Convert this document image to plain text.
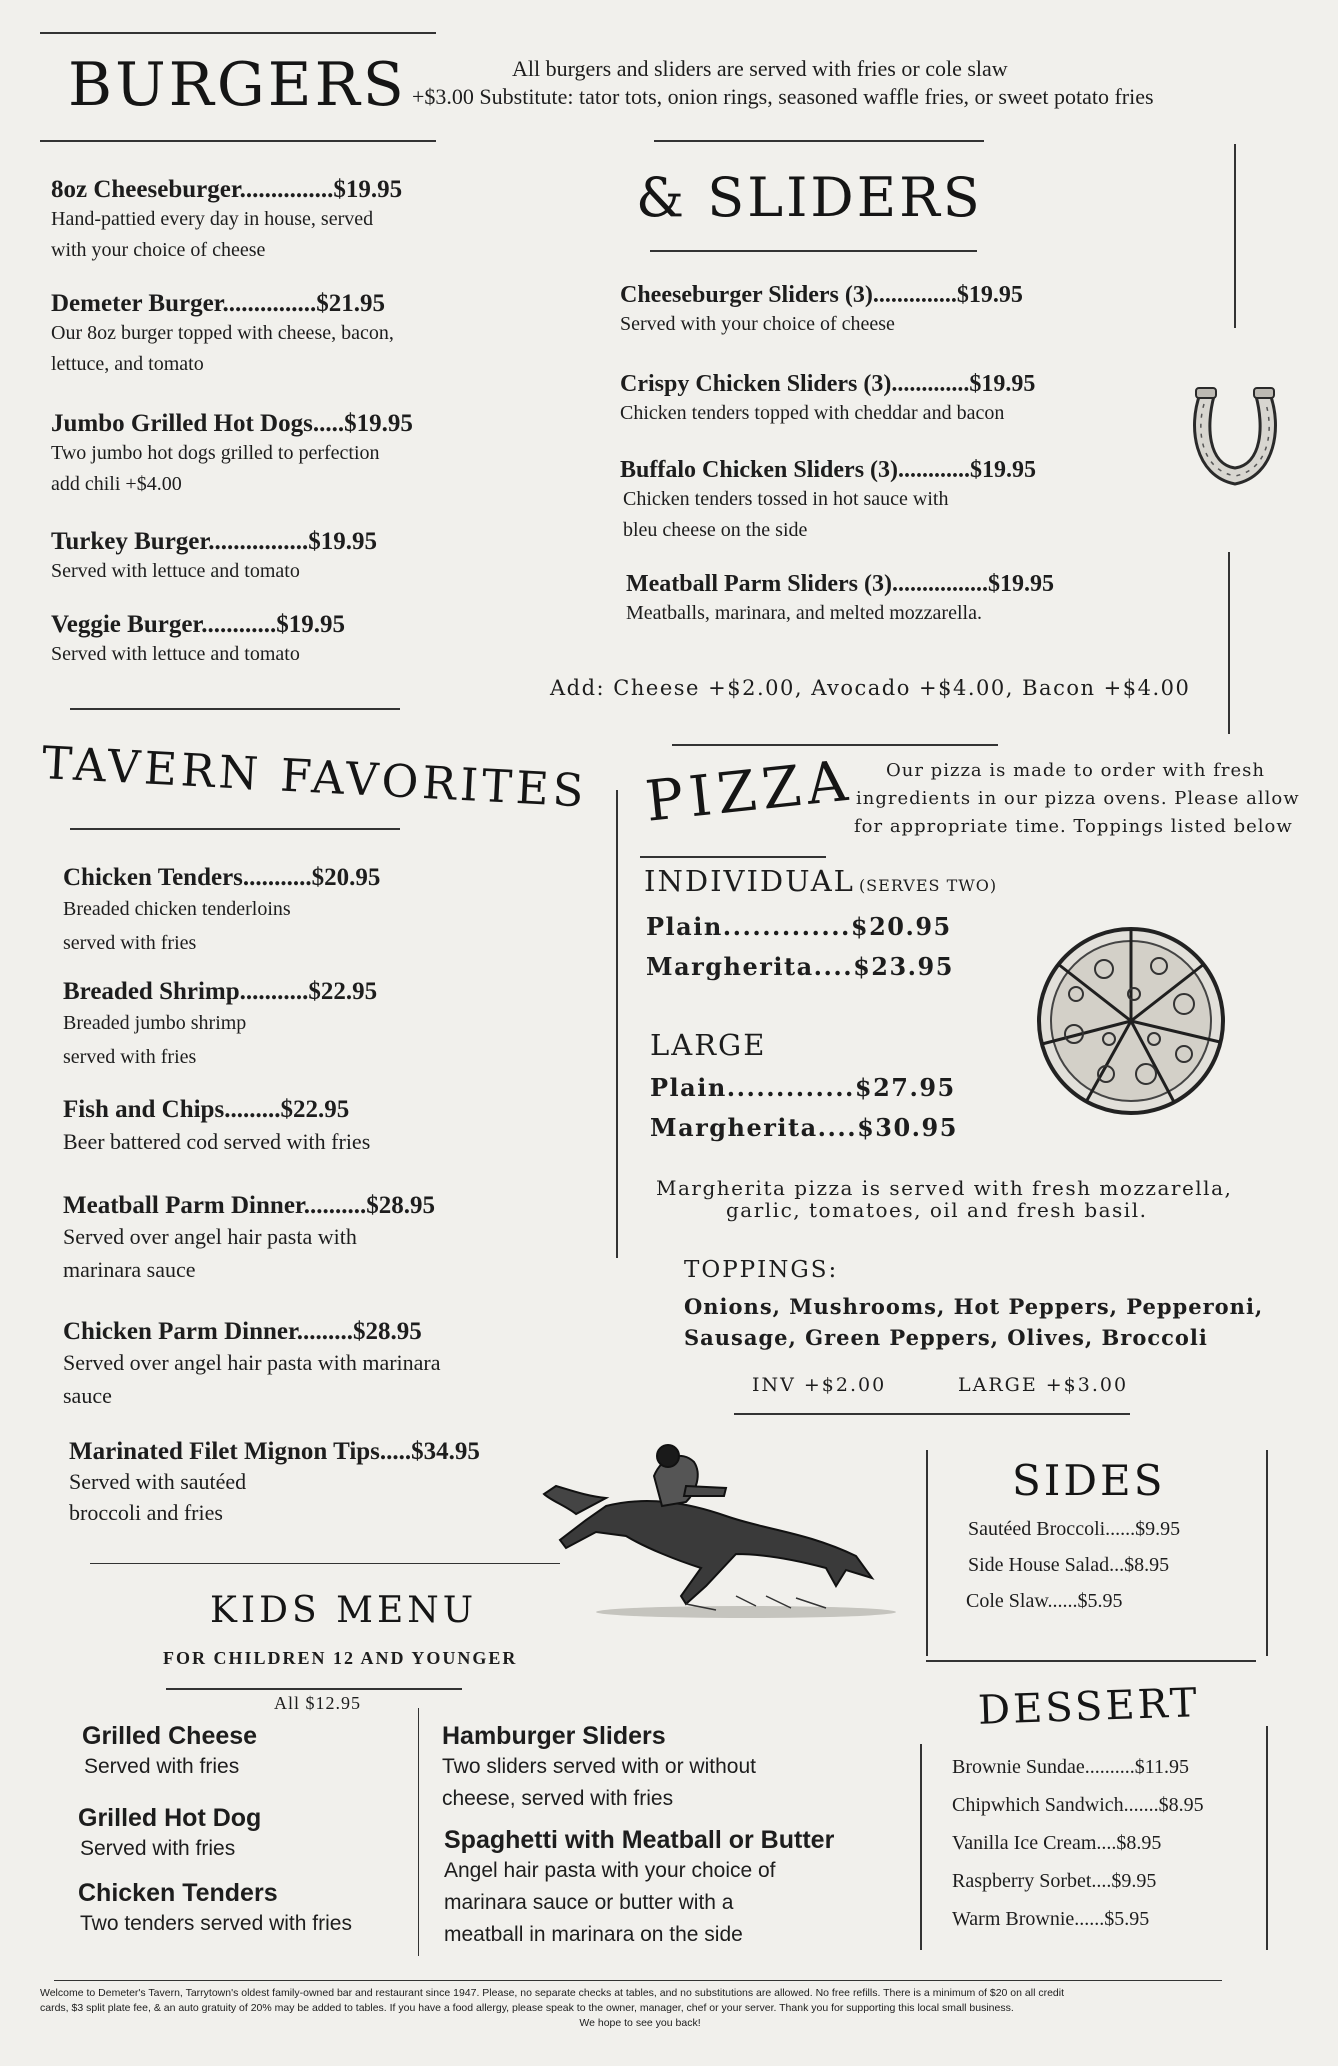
BURGERS	All burgers and sliders are served with fries or cole slaw
+$3.00 Substitute: tator tots, onion rings, seasoned waffle fries, or sweet potato fries
8oz Cheeseburger...............$19.95
Hand-pattied every day in house, served
with your choice of cheese
Demeter Burger...............$21.95
Our 8oz burger topped with cheese, bacon,
lettuce, and tomato
Jumbo Grilled Hot Dogs.....$19.95
Two jumbo hot dogs grilled to perfection
add chili +$4.00
Turkey Burger................$19.95
Served with lettuce and tomato
Veggie Burger............$19.95
Served with lettuce and tomato
& SLIDERS
Cheeseburger Sliders (3)..............$19.95
Served with your choice of cheese
Crispy Chicken Sliders (3).............$19.95
Chicken tenders topped with cheddar and bacon
Buffalo Chicken Sliders (3)............$19.95
Chicken tenders tossed in hot sauce with
bleu cheese on the side
Meatball Parm Sliders (3)................$19.95
Meatballs, marinara, and melted mozzarella.
Add: Cheese +$2.00, Avocado +$4.00, Bacon +$4.00
TAVERN FAVORITES
Chicken Tenders...........$20.95
Breaded chicken tenderloins
served with fries
Breaded Shrimp...........$22.95
Breaded jumbo shrimp
served with fries
Fish and Chips.........$22.95
Beer battered cod served with fries
Meatball Parm Dinner..........$28.95
Served over angel hair pasta with
marinara sauce
Chicken Parm Dinner.........$28.95
Served over angel hair pasta with marinara
sauce
Marinated Filet Mignon Tips.....$34.95
Served with sautéed
broccoli and fries
PIZZA Our pizza is made to order with fresh
ingredients in our pizza ovens. Please allow
for appropriate time. Toppings listed below
INDIVIDUAL (SERVES TWO)
Plain.............$20.95
Margherita....$23.95
LARGE
Plain.............$27.95
Margherita....$30.95
Margherita pizza is served with fresh mozzarella,
garlic, tomatoes, oil and fresh basil.
TOPPINGS:
Onions, Mushrooms, Hot Peppers, Pepperoni,
Sausage, Green Peppers, Olives, Broccoli
INV +$2.00	LARGE +$3.00
SIDES
Sautéed Broccoli......$9.95
Side House Salad...$8.95
Cole Slaw......$5.95
DESSERT
Brownie Sundae..........$11.95
Chipwhich Sandwich.......$8.95
Vanilla Ice Cream....$8.95
Raspberry Sorbet....$9.95
Warm Brownie......$5.95
KIDS MENU
FOR CHILDREN 12 AND YOUNGER
All $12.95
Grilled Cheese
Served with fries
Grilled Hot Dog
Served with fries
Chicken Tenders
Two tenders served with fries
Hamburger Sliders
Two sliders served with or without
cheese, served with fries
Spaghetti with Meatball or Butter
Angel hair pasta with your choice of
marinara sauce or butter with a
meatball in marinara on the side
Welcome to Demeter's Tavern, Tarrytown's oldest family-owned bar and restaurant since 1947. Please, no separate checks at tables, and no substitutions are allowed. No free refills. There is a minimum of $20 on all credit
cards, $3 split plate fee, & an auto gratuity of 20% may be added to tables. If you have a food allergy, please speak to the owner, manager, chef or your server. Thank you for supporting this local small business.
We hope to see you back!
